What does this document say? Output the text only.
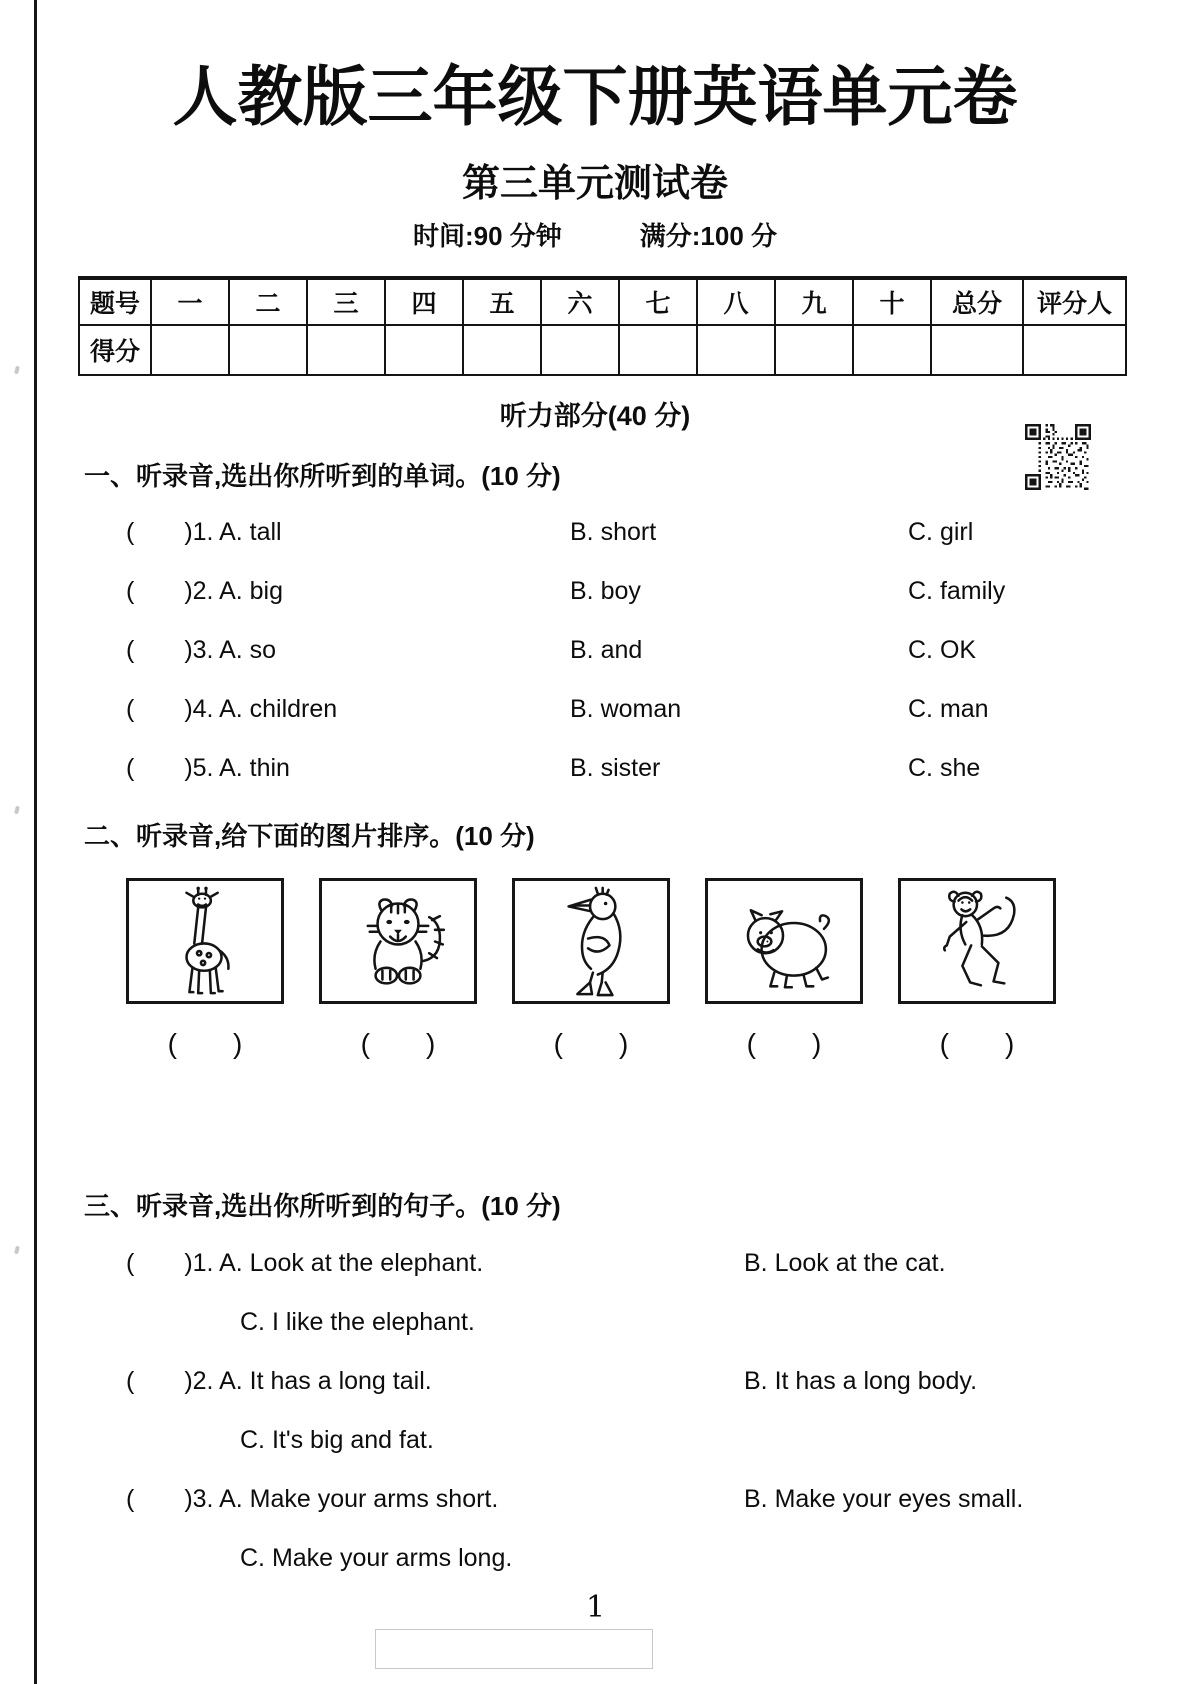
人教版三年级下册英语单元卷
第三单元测试卷
时间:90 分钟	满分:100 分
题号	一	二	三	四	五	六	七	八	九	十	总分	评分人
得分												
听力部分(40 分)
一、听录音,选出你所听到的单词。(10 分)
(  )1. A. tall	B. short	C. girl
(  )2. A. big	B. boy	C. family
(  )3. A. so	B. and	C. OK
(  )4. A. children	B. woman	C. man
(  )5. A. thin	B. sister	C. she
二、听录音,给下面的图片排序。(10 分)
(  )	(  )	(  )	(  )	(  )
三、听录音,选出你所听到的句子。(10 分)
(  )1. A. Look at the elephant.	B. Look at the cat.
C. I like the elephant.
(  )2. A. It has a long tail.	B. It has a long body.
C. It's big and fat.
(  )3. A. Make your arms short.	B. Make your eyes small.
C. Make your arms long.
1
